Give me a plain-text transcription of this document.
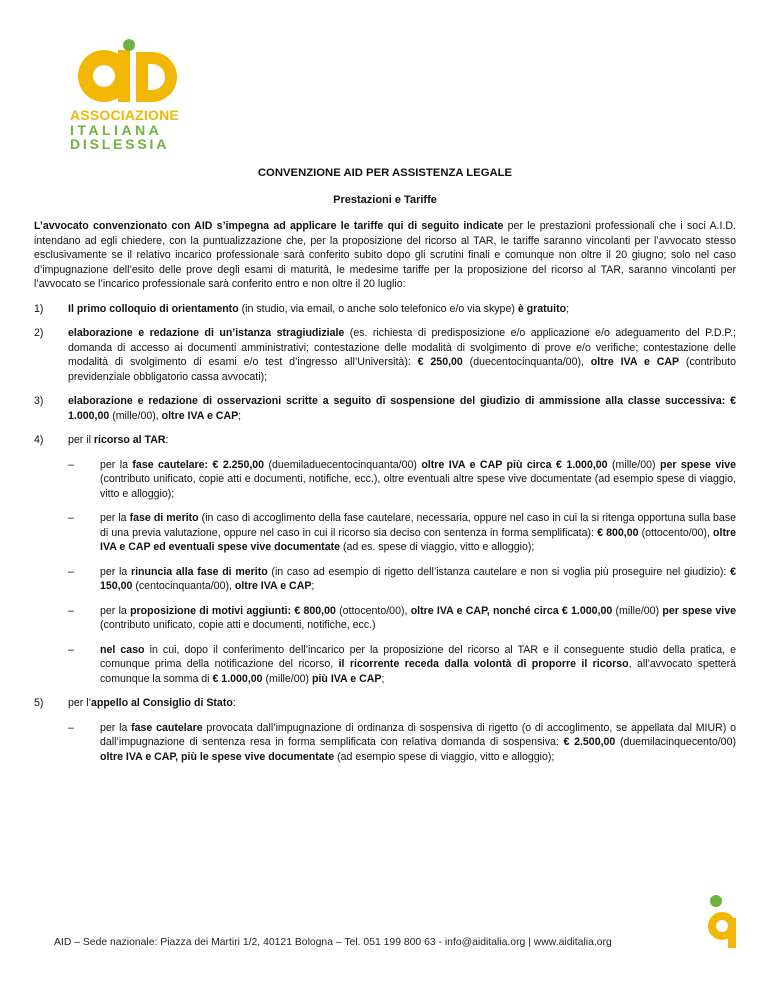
ASSOCIAZIONE
ITALIANA
DISLESSIA
CONVENZIONE AID PER ASSISTENZA LEGALE
Prestazioni e Tariffe

L’avvocato convenzionato con AID s’impegna ad applicare le tariffe qui di seguito indicate per le prestazioni professionali che i soci A.I.D. intendano ad egli chiedere, con la puntualizzazione che, per la proposizione del ricorso al TAR, le tariffe saranno vincolanti per l’avvocato stesso esclusivamente se il relativo incarico professionale sarà conferito subito dopo gli scrutini finali e comunque non oltre il 20 giugno; solo nel caso d’impugnazione dell’esito delle prove degli esami di maturità, le medesime tariffe per la proposizione del ricorso al TAR, saranno vincolanti per l’avvocato se l’incarico professionale sarà conferito entro e non oltre il 20 luglio:

1)	Il primo colloquio di orientamento (in studio, via email, o anche solo telefonico e/o via skype) è gratuito;
2)	elaborazione e redazione di un’istanza stragiudiziale (es. richiesta di predisposizione e/o applicazione e/o adeguamento del P.D.P.; domanda di accesso ai documenti amministrativi; contestazione delle modalità di svolgimento di prove e/o verifiche; contestazione delle modalità di svolgimento di esami e/o test d’ingresso all’Università): € 250,00 (duecentocinquanta/00), oltre IVA e CAP (contributo previdenziale obbligatorio cassa avvocati);
3)	elaborazione e redazione di osservazioni scritte a seguito di sospensione del giudizio di ammissione alla classe successiva: € 1.000,00 (mille/00), oltre IVA e CAP;
4)	per il ricorso al TAR:
–	per la fase cautelare: € 2.250,00 (duemiladuecentocinquanta/00) oltre IVA e CAP più circa € 1.000,00 (mille/00) per spese vive (contributo unificato, copie atti e documenti, notifiche, ecc.), oltre eventuali altre spese vive documentate (ad esempio spese di viaggio, vitto e alloggio);
–	per la fase di merito (in caso di accoglimento della fase cautelare, necessaria, oppure nel caso in cui la si ritenga opportuna sulla base di una previa valutazione, oppure nel caso in cui il ricorso sia deciso con sentenza in forma semplificata): € 800,00 (ottocento/00), oltre IVA e CAP ed eventuali spese vive documentate (ad es. spese di viaggio, vitto e alloggio);
–	per la rinuncia alla fase di merito (in caso ad esempio di rigetto dell’istanza cautelare e non si voglia più proseguire nel giudizio): € 150,00 (centocinquanta/00), oltre IVA e CAP;
–	per la proposizione di motivi aggiunti: € 800,00 (ottocento/00), oltre IVA e CAP, nonché circa € 1.000,00 (mille/00) per spese vive (contributo unificato, copie atti e documenti, notifiche, ecc.)
–	nel caso in cui, dopo il conferimento dell’incarico per la proposizione del ricorso al TAR e il conseguente studio della pratica, e comunque prima della notificazione del ricorso, il ricorrente receda dalla volontà di proporre il ricorso, all’avvocato spetterà comunque la somma di € 1.000,00 (mille/00) più IVA e CAP;
5)	per l’appello al Consiglio di Stato:
–	per la fase cautelare provocata dall’impugnazione di ordinanza di sospensiva di rigetto (o di accoglimento, se appellata dal MIUR) o dall’impugnazione di sentenza resa in forma semplificata con relativa domanda di sospensiva: € 2.500,00 (duemilacinquecento/00) oltre IVA e CAP, più le spese vive documentate (ad esempio spese di viaggio, vitto e alloggio);
AID – Sede nazionale: Piazza dei Martiri 1/2, 40121 Bologna – Tel. 051 199 800 63 - info@aiditalia.org | www.aiditalia.org
